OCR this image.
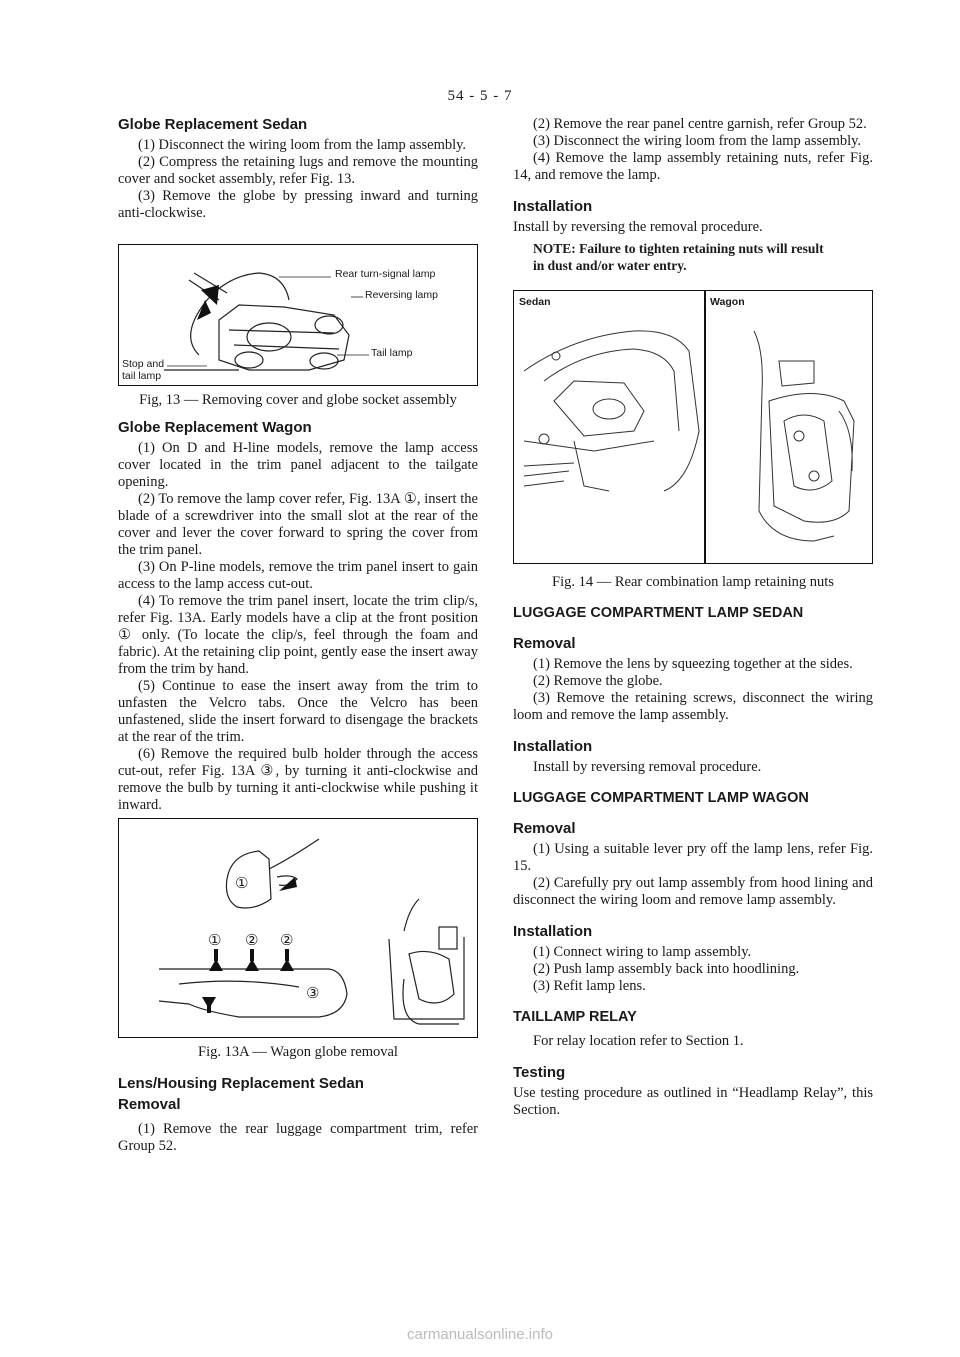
54 - 5 - 7
Globe Replacement Sedan

(1) Disconnect the wiring loom from the lamp assembly.

(2) Compress the retaining lugs and remove the mounting cover and socket assembly, refer Fig. 13.

(3) Remove the globe by pressing inward and turning anti-clockwise.

Rear turn-signal lamp
Reversing lamp
Tail lamp
Stop and
tail lamp
Fig, 13 — Removing cover and globe socket assembly
Globe Replacement Wagon

(1) On D and H-line models, remove the lamp access cover located in the trim panel adjacent to the tailgate opening.

(2) To remove the lamp cover refer, Fig. 13A ①, insert the blade of a screwdriver into the small slot at the rear of the cover and lever the cover forward to spring the cover from the trim panel.

(3) On P-line models, remove the trim panel insert to gain access to the lamp access cut-out.

(4) To remove the trim panel insert, locate the trim clip/s, refer Fig. 13A. Early models have a clip at the front position ① only. (To locate the clip/s, feel through the foam and fabric). At the retaining clip point, gently ease the insert away from the trim by hand.

(5) Continue to ease the insert away from the trim to unfasten the Velcro tabs. Once the Velcro has been unfastened, slide the insert forward to disengage the brackets at the rear of the trim.

(6) Remove the required bulb holder through the access cut-out, refer Fig. 13A ③, by turning it anti-clockwise and remove the bulb by turning it anti-clockwise while pushing it inward.

①
① ② ②
③
Fig. 13A — Wagon globe removal
Lens/Housing Replacement Sedan
Removal

(1) Remove the rear luggage compartment trim, refer Group 52.

(2) Remove the rear panel centre garnish, refer Group 52.

(3) Disconnect the wiring loom from the lamp assembly.

(4) Remove the lamp assembly retaining nuts, refer Fig. 14, and remove the lamp.

Installation

Install by reversing the removal procedure.

NOTE: Failure to tighten retaining nuts will result
in dust and/or water entry.
Sedan	Wagon
Fig. 14 — Rear combination lamp retaining nuts
LUGGAGE COMPARTMENT LAMP SEDAN
Removal

(1) Remove the lens by squeezing together at the sides.

(2) Remove the globe.

(3) Remove the retaining screws, disconnect the wiring loom and remove the lamp assembly.

Installation

Install by reversing removal procedure.

LUGGAGE COMPARTMENT LAMP WAGON
Removal

(1) Using a suitable lever pry off the lamp lens, refer Fig. 15.

(2) Carefully pry out lamp assembly from hood lining and disconnect the wiring loom and remove lamp assembly.

Installation

(1) Connect wiring to lamp assembly.

(2) Push lamp assembly back into hoodlining.

(3) Refit lamp lens.

TAILLAMP RELAY

For relay location refer to Section 1.

Testing

Use testing procedure as outlined in “Headlamp Relay”, this Section.

carmanualsonline.info
